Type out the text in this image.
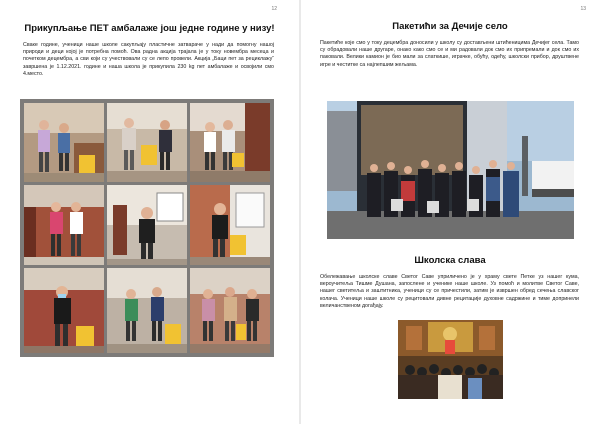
12
Прикупљање ПЕТ амбалаже још једне године у низу!
Сваке године, ученици наше школе сакупљају пластичне затвараче у нади да помогну нашој природи и деци којој је потребна помоћ. Ова радна акција трајала је у току новембра месеца и почетком децембра, а сви који су учествовали су се лепо провели. Акција „Баци пет за рециклажу“ завршена је 1.12.2021. године и наша школа је прикупила 230 kg пет амбалаже и освојили смо 4.место.
13
Пакетићи за Дечије село
Пакетиће које смо у току децембра доносили у школу су достављени штићеницима Дечијег села. Тамо су обрадовали наше другаре, онако како смо се и ми радовали док смо их припремали и док смо их паковали. Велики камион је био мали за слаткише, играчке, обућу, одећу, школски прибор, друштвене игре и честитке са најлепшим жељама.
Школска слава
Обележавање школске славе Светог Саве уприличено је у храму свете Петке уз нашег кума, вероучитеља Тишме Душана, запослене и ученике наше школе. Уз помоћ и молитве Светог Саве, нашег светитеља и заштитника, ученици су се причестили, затим је извршен обред сечења славског колача. Ученици наше школе су рецитовали дивне рецитације духовне садржине и тиме допринели величанственом догађају.
